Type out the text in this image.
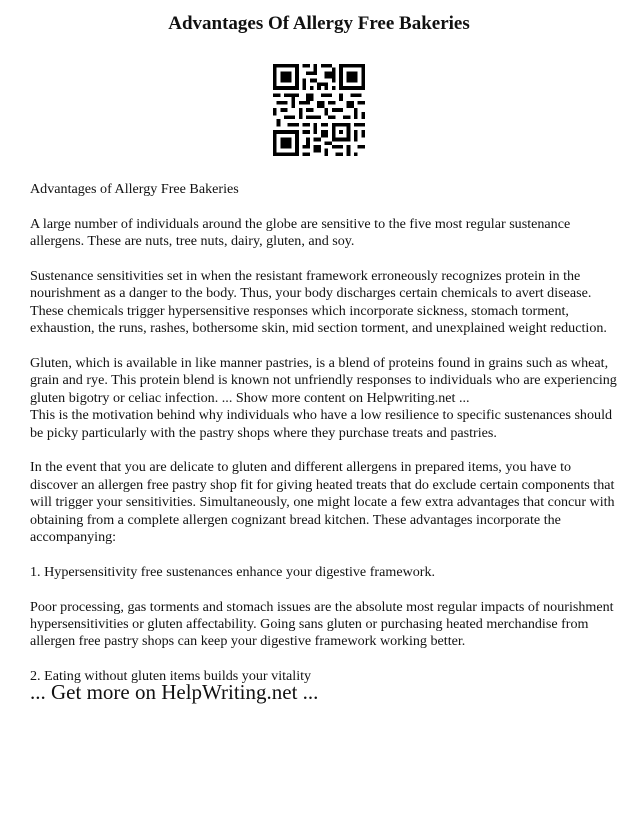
Advantages Of Allergy Free Bakeries

Advantages of Allergy Free Bakeries

A large number of individuals around the globe are sensitive to the five most regular sustenance allergens. These are nuts, tree nuts, dairy, gluten, and soy.

Sustenance sensitivities set in when the resistant framework erroneously recognizes protein in the nourishment as a danger to the body. Thus, your body discharges certain chemicals to avert disease. These chemicals trigger hypersensitive responses which incorporate sickness, stomach torment, exhaustion, the runs, rashes, bothersome skin, mid section torment, and unexplained weight reduction.

Gluten, which is available in like manner pastries, is a blend of proteins found in grains such as wheat, grain and rye. This protein blend is known not unfriendly responses to individuals who are experiencing gluten bigotry or celiac infection. ... Show more content on Helpwriting.net ...
This is the motivation behind why individuals who have a low resilience to specific sustenances should be picky particularly with the pastry shops where they purchase treats and pastries.

In the event that you are delicate to gluten and different allergens in prepared items, you have to discover an allergen free pastry shop fit for giving heated treats that do exclude certain components that will trigger your sensitivities. Simultaneously, one might locate a few extra advantages that concur with obtaining from a complete allergen cognizant bread kitchen. These advantages incorporate the accompanying:

1. Hypersensitivity free sustenances enhance your digestive framework.

Poor processing, gas torments and stomach issues are the absolute most regular impacts of nourishment hypersensitivities or gluten affectability. Going sans gluten or purchasing heated merchandise from allergen free pastry shops can keep your digestive framework working better.

2. Eating without gluten items builds your vitality

... Get more on HelpWriting.net ...
